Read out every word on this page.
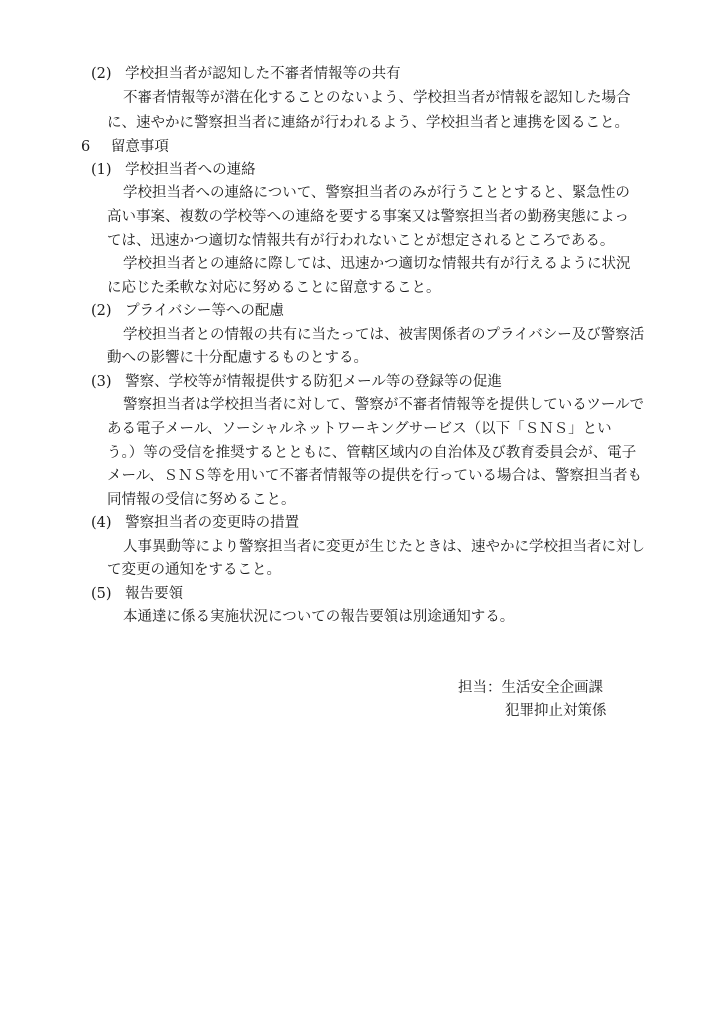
(2) 学校担当者が認知した不審者情報等の共有
不審者情報等が潜在化することのないよう、学校担当者が情報を認知した場合
に、速やかに警察担当者に連絡が行われるよう、学校担当者と連携を図ること。
6 留意事項
(1) 学校担当者への連絡
学校担当者への連絡について、警察担当者のみが行うこととすると、緊急性の
高い事案、複数の学校等への連絡を要する事案又は警察担当者の勤務実態によっ
ては、迅速かつ適切な情報共有が行われないことが想定されるところである。
学校担当者との連絡に際しては、迅速かつ適切な情報共有が行えるように状況
に応じた柔軟な対応に努めることに留意すること。
(2) プライバシー等への配慮
学校担当者との情報の共有に当たっては、被害関係者のプライバシー及び警察活
動への影響に十分配慮するものとする。
(3) 警察、学校等が情報提供する防犯メール等の登録等の促進
警察担当者は学校担当者に対して、警察が不審者情報等を提供しているツールで
ある電子メール、ソーシャルネットワーキングサービス（以下「ＳＮＳ」とい
う。）等の受信を推奨するとともに、管轄区域内の自治体及び教育委員会が、電子
メール、ＳＮＳ等を用いて不審者情報等の提供を行っている場合は、警察担当者も
同情報の受信に努めること。
(4) 警察担当者の変更時の措置
人事異動等により警察担当者に変更が生じたときは、速やかに学校担当者に対し
て変更の通知をすること。
(5) 報告要領
本通達に係る実施状況についての報告要領は別途通知する。
担当：生活安全企画課
犯罪抑止対策係
